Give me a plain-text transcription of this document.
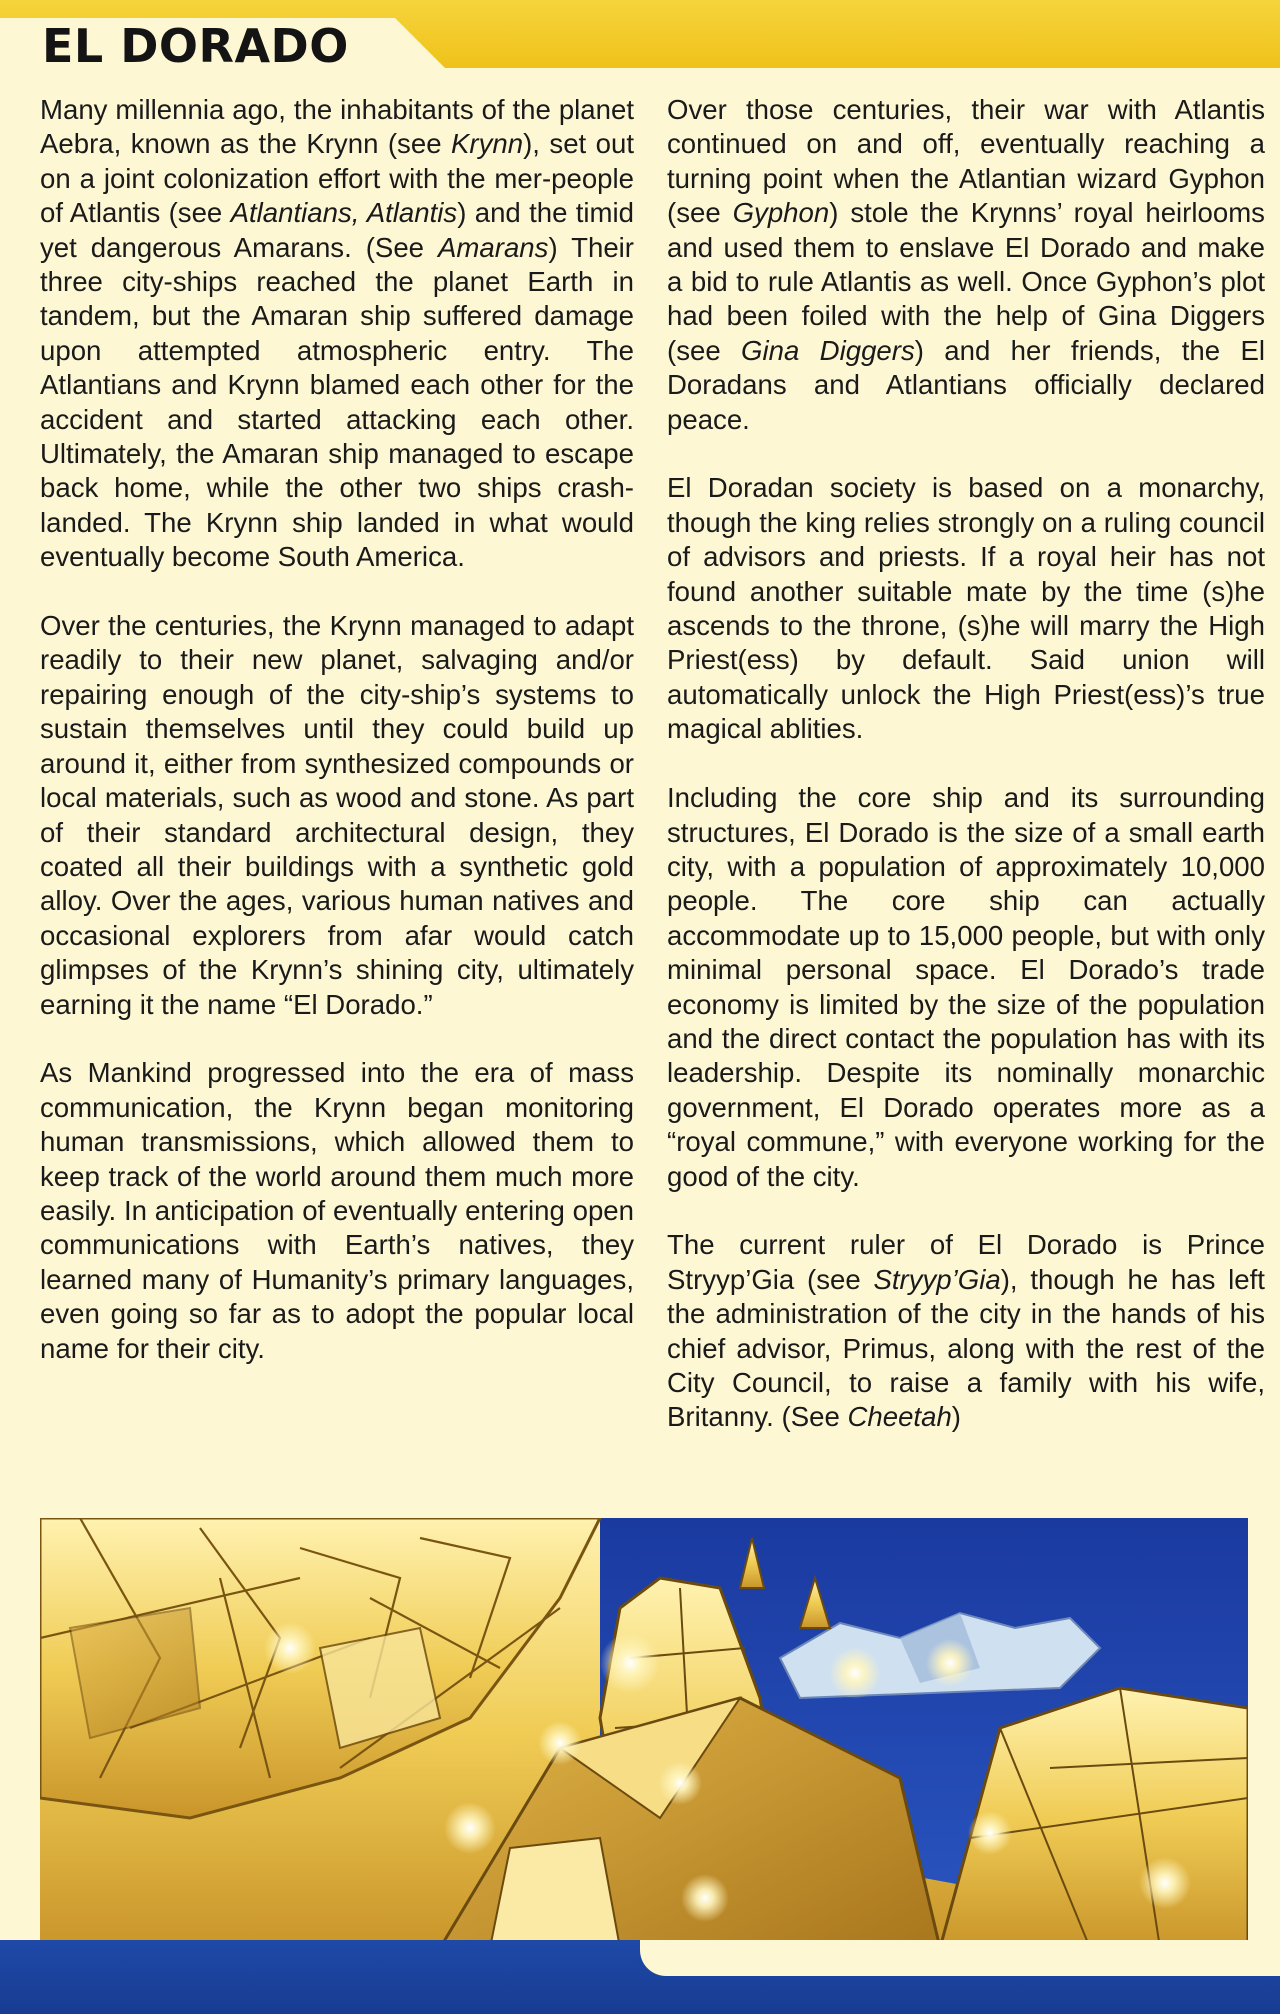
EL DORADO

Many millennia ago, the inhabitants of the planet Aebra, known as the Krynn (see Krynn), set out on a joint colonization effort with the mer-people of Atlantis (see Atlantians, Atlantis) and the timid yet dangerous Amarans. (See Amarans) Their three city-ships reached the planet Earth in tandem, but the Amaran ship suffered damage upon attempted atmospheric entry. The Atlantians and Krynn blamed each other for the accident and started attacking each other. Ultimately, the Amaran ship managed to escape back home, while the other two ships crash-landed. The Krynn ship landed in what would eventually become South America.

Over the centuries, the Krynn managed to adapt readily to their new planet, salvaging and/or repairing enough of the city-ship’s systems to sustain themselves until they could build up around it, either from synthesized compounds or local materials, such as wood and stone. As part of their standard architectural design, they coated all their buildings with a synthetic gold alloy. Over the ages, various human natives and occasional explorers from afar would catch glimpses of the Krynn’s shining city, ultimately earning it the name “El Dorado.”

As Mankind progressed into the era of mass communication, the Krynn began monitoring human transmissions, which allowed them to keep track of the world around them much more easily. In anticipation of eventually entering open communications with Earth’s natives, they learned many of Humanity’s primary languages, even going so far as to adopt the popular local name for their city.

Over those centuries, their war with Atlantis continued on and off, eventually reaching a turning point when the Atlantian wizard Gyphon (see Gyphon) stole the Krynns’ royal heirlooms and used them to enslave El Dorado and make a bid to rule Atlantis as well. Once Gyphon’s plot had been foiled with the help of Gina Diggers (see Gina Diggers) and her friends, the El Doradans and Atlantians officially declared peace.

El Doradan society is based on a monarchy, though the king relies strongly on a ruling council of advisors and priests. If a royal heir has not found another suitable mate by the time (s)he ascends to the throne, (s)he will marry the High Priest(ess) by default. Said union will automatically unlock the High Priest(ess)’s true magical ablities.

Including the core ship and its surrounding structures, El Dorado is the size of a small earth city, with a population of approximately 10,000 people. The core ship can actually accommodate up to 15,000 people, but with only minimal personal space. El Dorado’s trade economy is limited by the size of the population and the direct contact the population has with its leadership. Despite its nominally monarchic government, El Dorado operates more as a “royal commune,” with everyone working for the good of the city.

The current ruler of El Dorado is Prince Stryyp’Gia (see Stryyp’Gia), though he has left the administration of the city in the hands of his chief advisor, Primus, along with the rest of the City Council, to raise a family with his wife, Britanny. (See Cheetah)
